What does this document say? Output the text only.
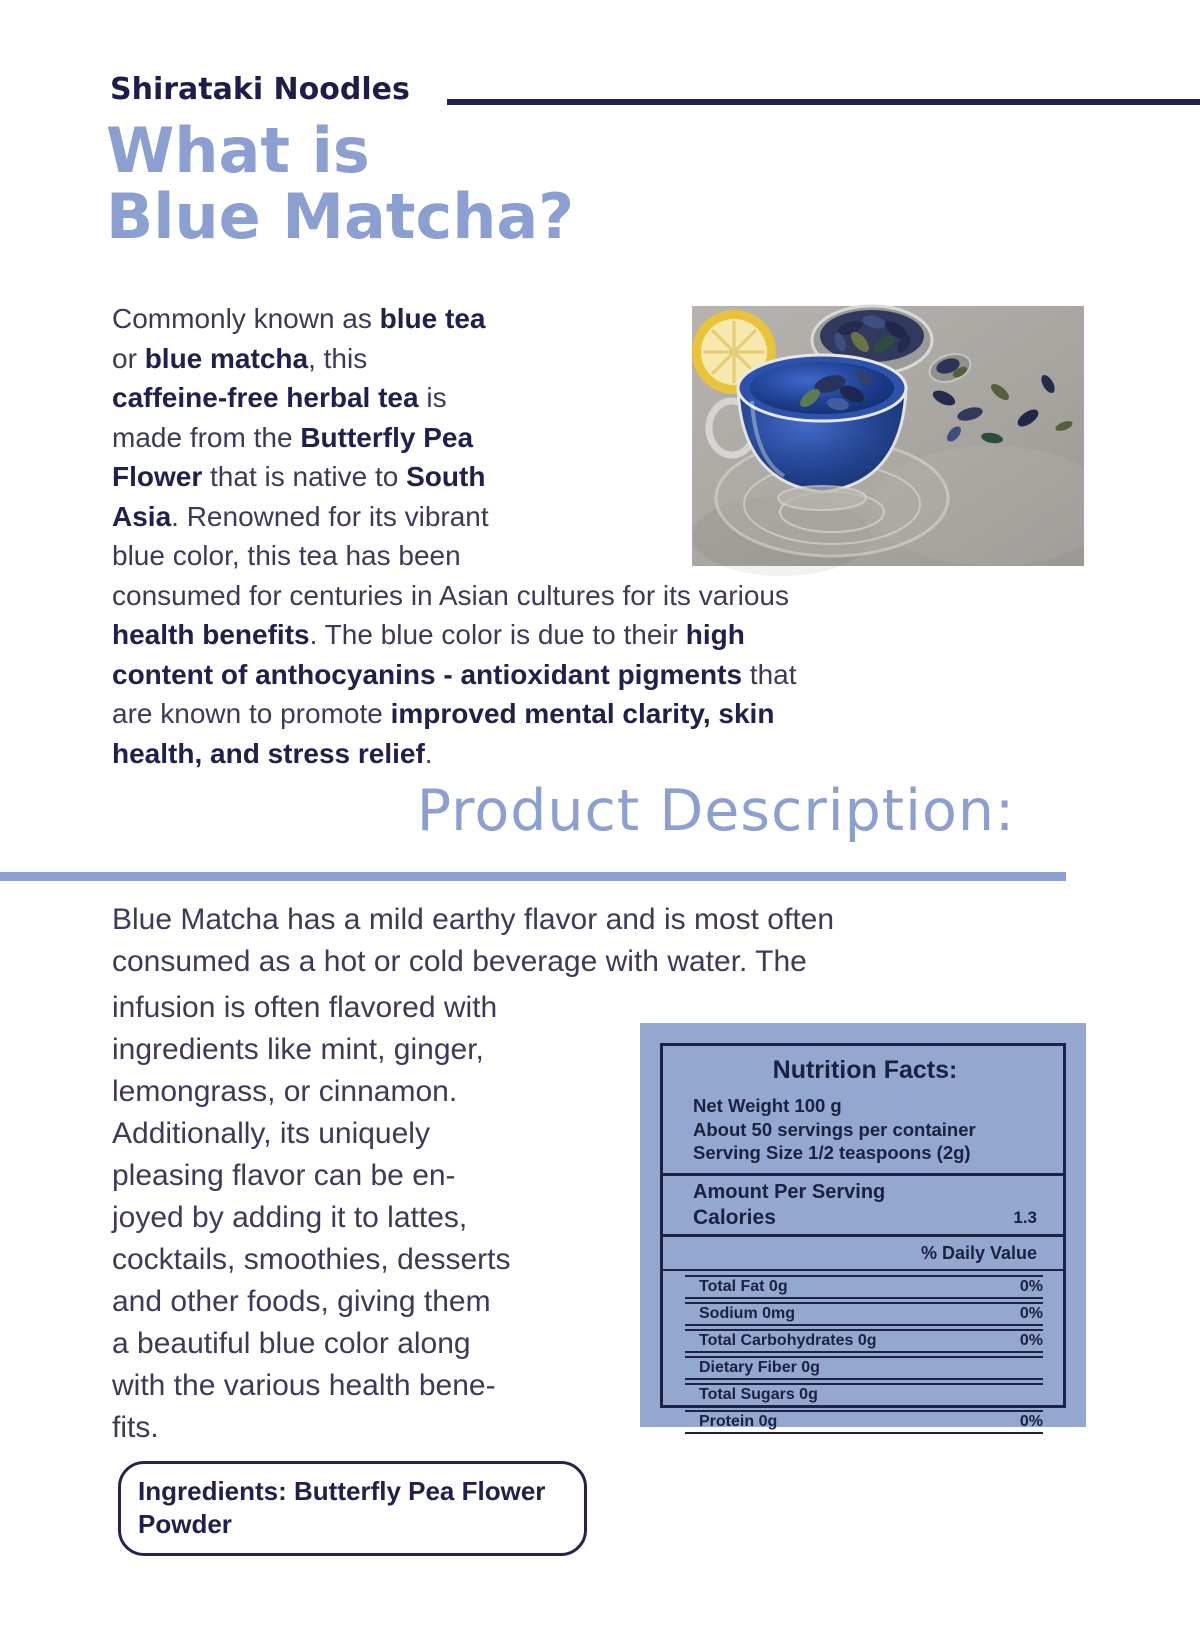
Shirataki Noodles
What is
Blue Matcha?
Commonly known as blue tea
or blue matcha, this
caffeine-free herbal tea is
made from the Butterfly Pea
Flower that is native to South
Asia. Renowned for its vibrant
blue color, this tea has been
consumed for centuries in Asian cultures for its various
health benefits. The blue color is due to their high
content of anthocyanins - antioxidant pigments that
are known to promote improved mental clarity, skin
health, and stress relief.
Product Description:
Blue Matcha has a mild earthy flavor and is most often
consumed as a hot or cold beverage with water. The
infusion is often flavored with
ingredients like mint, ginger,
lemongrass, or cinnamon.
Additionally, its uniquely
pleasing flavor can be en-
joyed by adding it to lattes,
cocktails, smoothies, desserts
and other foods, giving them
a beautiful blue color along
with the various health bene-
fits.
Nutrition Facts:
Net Weight 100 g
About 50 servings per container
Serving Size 1/2 teaspoons (2g)
Amount Per Serving
Calories	1.3
% Daily Value
Total Fat 0g	0%
Sodium 0mg	0%
Total Carbohydrates 0g	0%
Dietary Fiber 0g
Total Sugars 0g
Protein 0g	0%
Ingredients: Butterfly Pea Flower Powder
